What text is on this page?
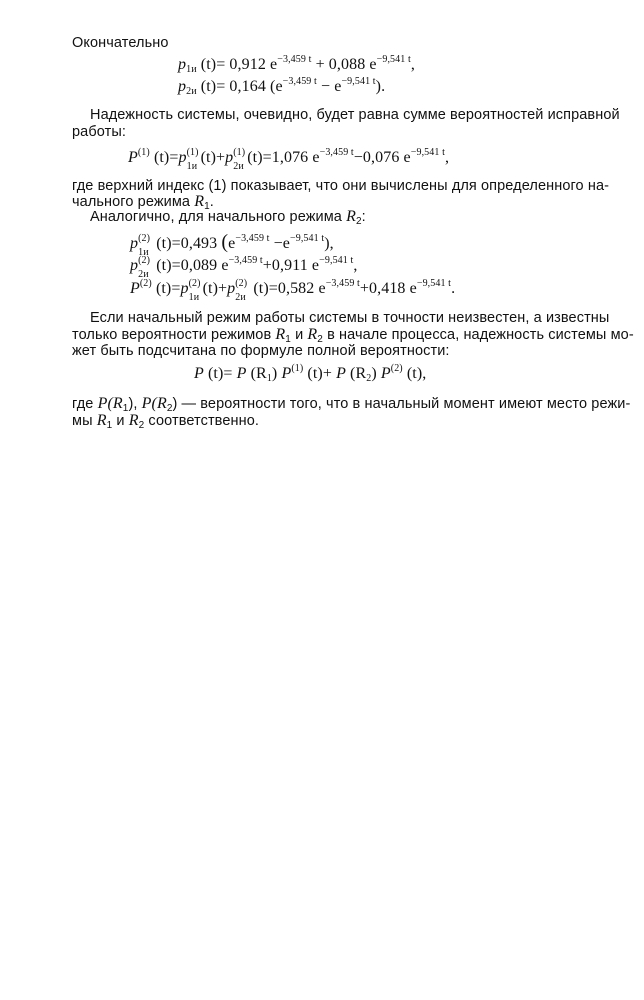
Окончательно
$p_{1и}$ (t)= 0,912 $e^{-3,459 t} + 0,088$ $e^{-9,541 t}$,
$p_{2и}$ (t)= 0,164 $(e^{-3,459 t} - e^{-9,541 t})$.
Надежность системы, очевидно, будет равна сумме вероятностей исправной
работы:
$P^{(1)}$ (t)=p (1)
1и
(t)+p (1)
2и
(t)=1,076 $e^{-3,459 t}-0,076$ $e^{-9,541 t}$,
где верхний индекс (1) показывает, что они вычислены для определенного на-
чального режима $R_1$.
Аналогично, для начального режима $R_2$:
p (2)
1и
(t)=0,493 $(e^{-3,459 t} -e^{-9,541 t})$,
p (2)
2и
(t)=0,089 $e^{-3,459 t}+0,911$ $e^{-9,541 t}$,
$P^{(2)}$ (t)=p (2)
1и
(t)+p (2)
2и
(t)=0,582 $e^{-3,459 t}+0,418$ $e^{-9,541 t}$.
Если начальный режим работы системы в точности неизвестен, а известны
только вероятности режимов $R_1$ и $R_2$ в начале процесса, надежность системы мо-
жет быть подсчитана по формуле полной вероятности:
P (t)= P $(R_1)$ $P^{(1)}$ (t)+ P $(R_2)$ $P^{(2)}$ (t),
где $P(R_1)$, $P(R_2)$ — вероятности того, что в начальный момент имеют место режи-
мы $R_1$ и $R_2$ соответственно.
